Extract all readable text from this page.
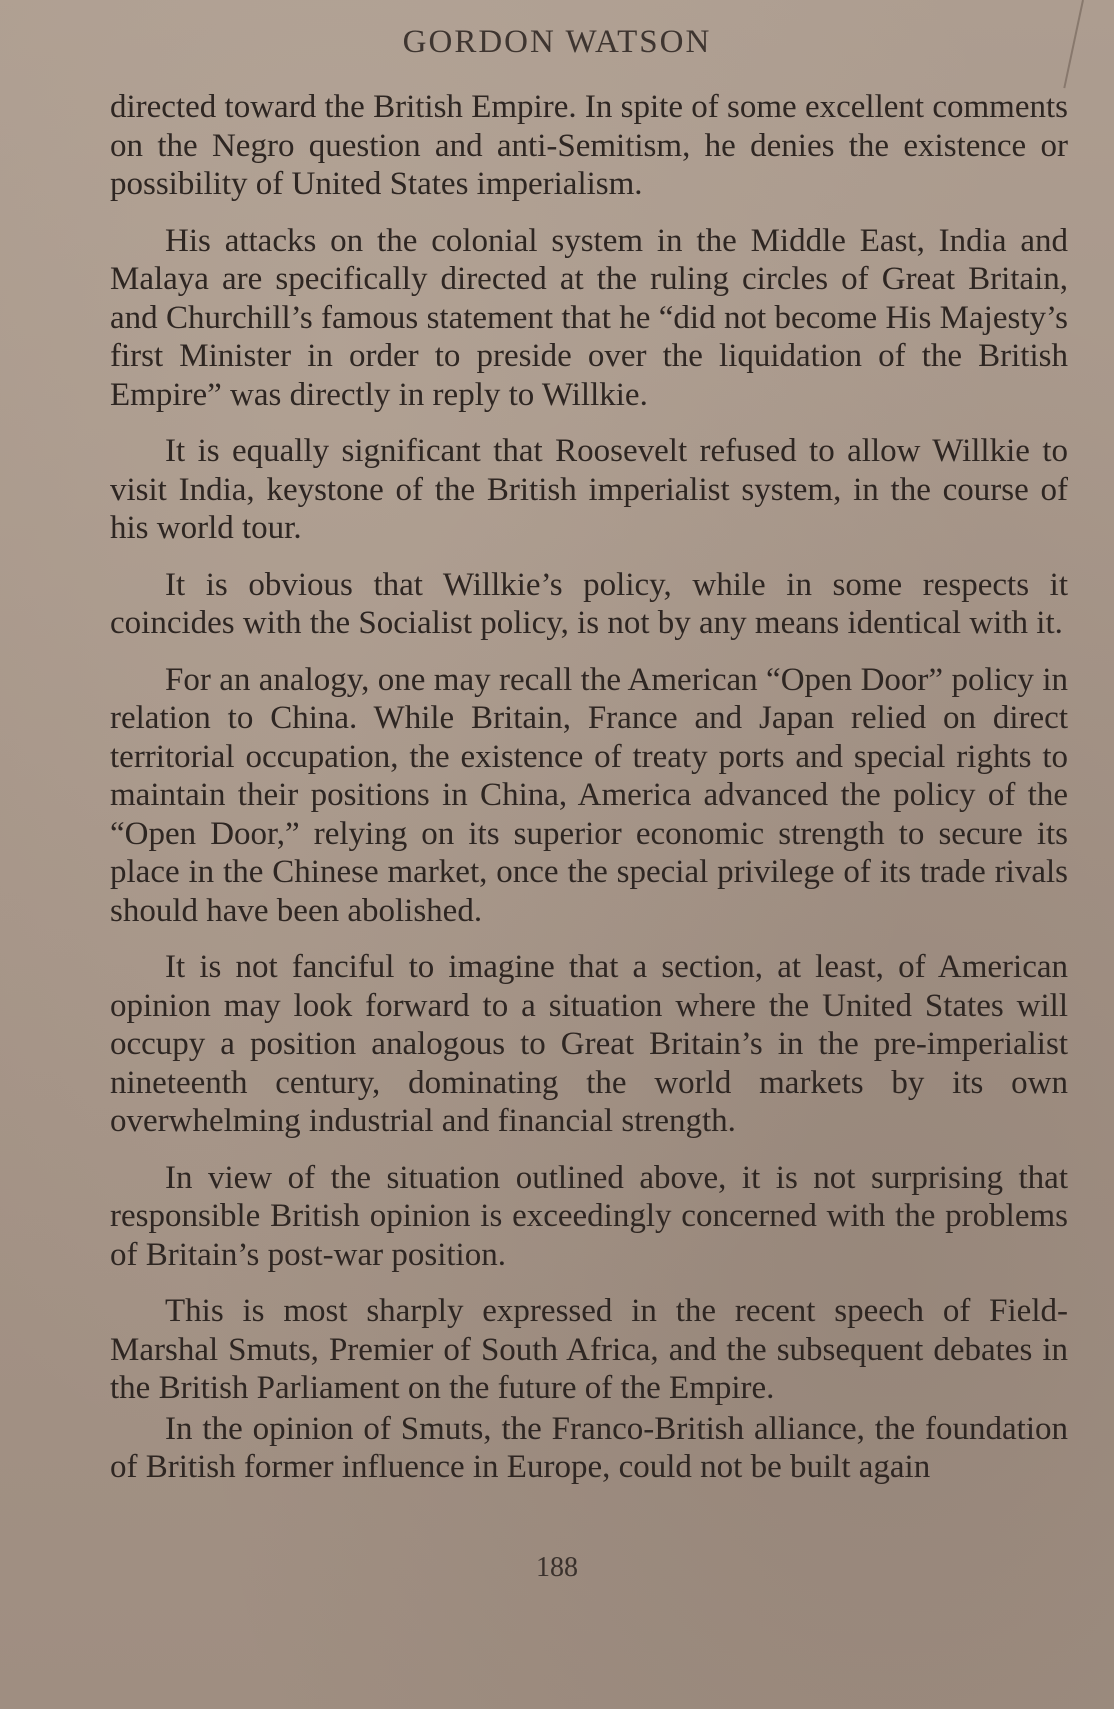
GORDON WATSON

directed toward the British Empire. In spite of some excellent comments on the Negro question and anti-Semitism, he denies the existence or possibility of United States imperialism.

His attacks on the colonial system in the Middle East, India and Malaya are specifically directed at the ruling circles of Great Britain, and Churchill’s famous statement that he “did not become His Majesty’s first Minister in order to preside over the liquidation of the British Empire” was directly in reply to Willkie.

It is equally significant that Roosevelt refused to allow Willkie to visit India, keystone of the British imperialist system, in the course of his world tour.

It is obvious that Willkie’s policy, while in some respects it coincides with the Socialist policy, is not by any means identical with it.

For an analogy, one may recall the American “Open Door” policy in relation to China. While Britain, France and Japan relied on direct territorial occupation, the existence of treaty ports and special rights to maintain their positions in China, America advanced the policy of the “Open Door,” relying on its superior economic strength to secure its place in the Chinese market, once the special privilege of its trade rivals should have been abolished.

It is not fanciful to imagine that a section, at least, of American opinion may look forward to a situation where the United States will occupy a position analogous to Great Britain’s in the pre-imperialist nineteenth century, dominating the world markets by its own overwhelming industrial and financial strength.

In view of the situation outlined above, it is not surprising that responsible British opinion is exceedingly concerned with the problems of Britain’s post-war position.

This is most sharply expressed in the recent speech of Field-Marshal Smuts, Premier of South Africa, and the subsequent debates in the British Parliament on the future of the Empire.

In the opinion of Smuts, the Franco-British alliance, the foundation of British former influence in Europe, could not be built again

188
